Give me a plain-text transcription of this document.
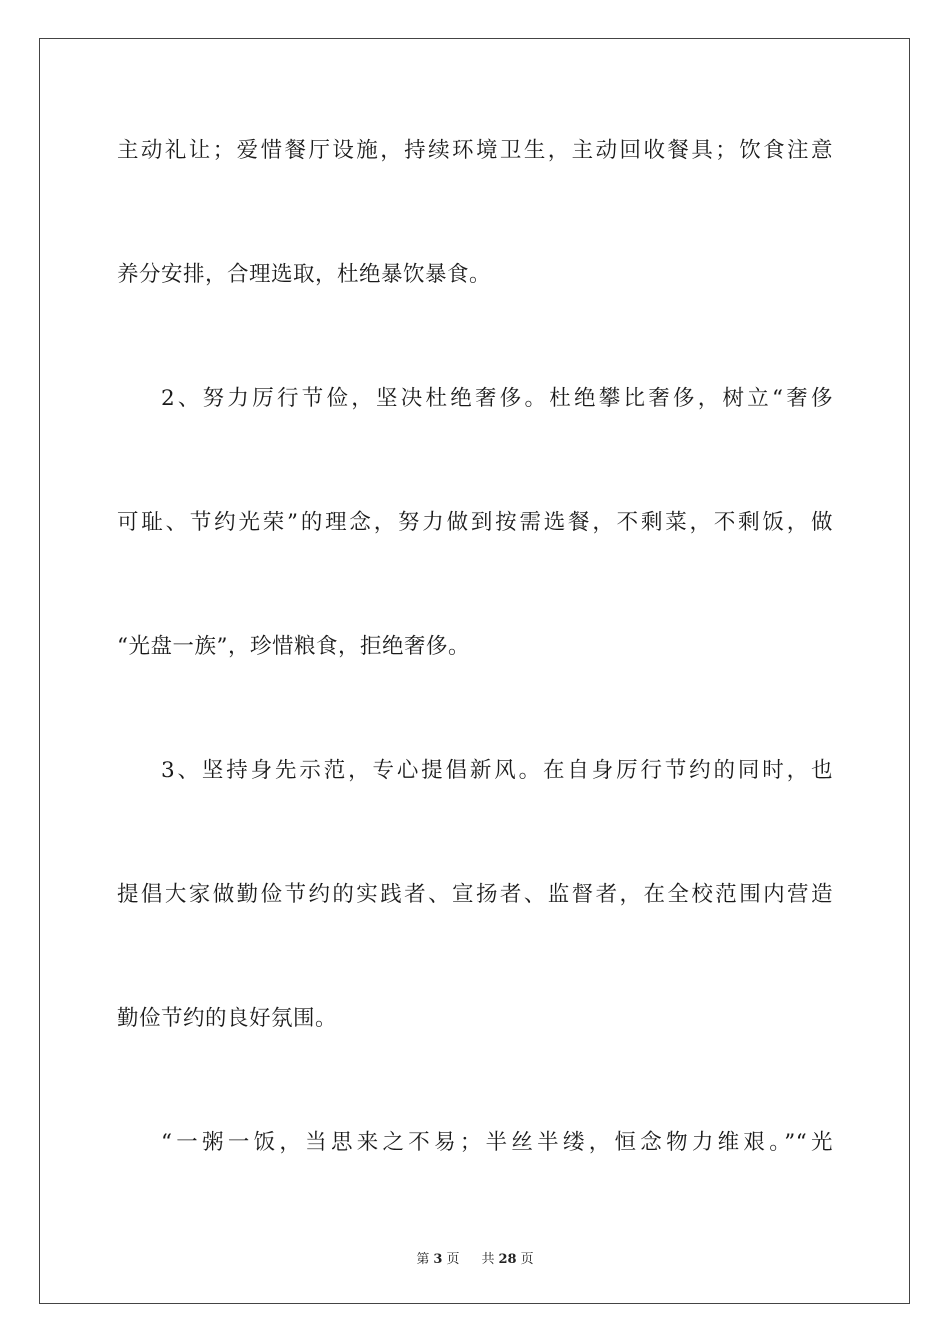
主动礼让；爱惜餐厅设施，持续环境卫生，主动回收餐具；饮食注意
养分安排，合理选取，杜绝暴饮暴食。
2、努力厉行节俭，坚决杜绝奢侈。杜绝攀比奢侈，树立“奢侈
可耻、节约光荣”的理念，努力做到按需选餐，不剩菜，不剩饭，做
“光盘一族”，珍惜粮食，拒绝奢侈。
3、坚持身先示范，专心提倡新风。在自身厉行节约的同时，也
提倡大家做勤俭节约的实践者、宣扬者、监督者，在全校范围内营造
勤俭节约的良好氛围。
“一粥一饭，当思来之不易；半丝半缕，恒念物力维艰。”“光
第 3 页 共 28 页
